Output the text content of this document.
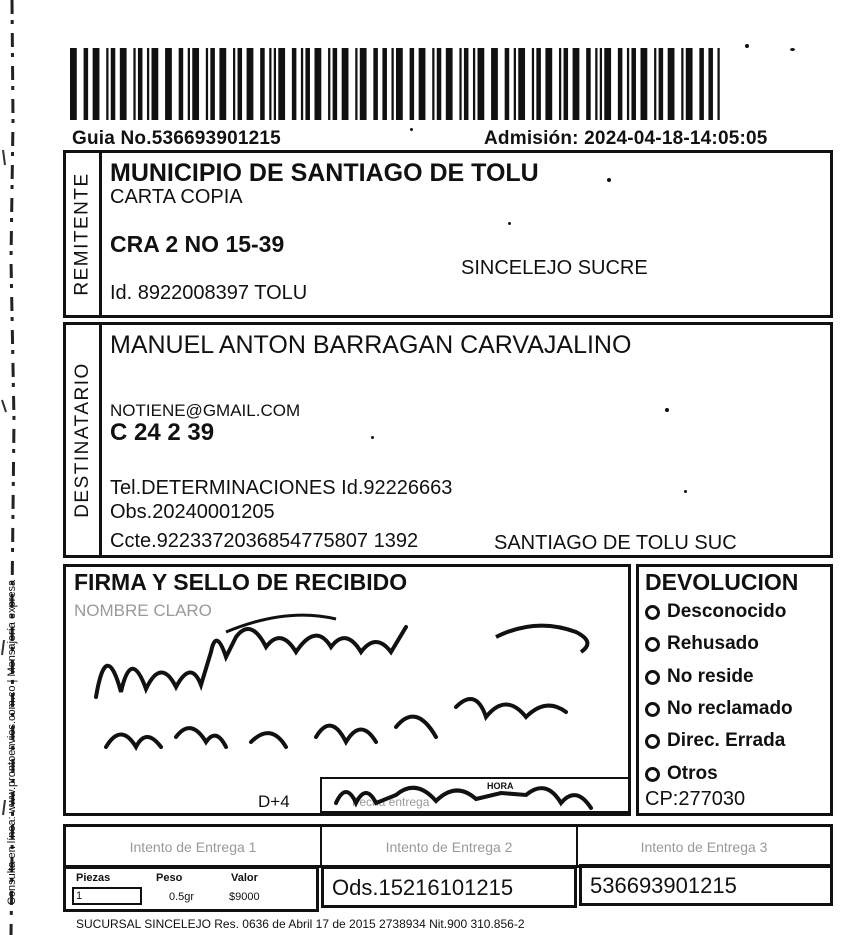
Consulta en línea: www.prontoenvios.com.co | Mensajería expresa
Guia No.536693901215	Admisión: 2024-04-18-14:05:05
REMITENTE MUNICIPIO DE SANTIAGO DE TOLU
CARTA COPIA
CRA 2 NO 15-39
SINCELEJO SUCRE
Id. 8922008397 TOLU
DESTINATARIO
MANUEL ANTON BARRAGAN CARVAJALINO
NOTIENE@GMAIL.COM
C 24 2 39
Tel.DETERMINACIONES Id.92226663
Obs.20240001205
Ccte.9223372036854775807 1392	SANTIAGO DE TOLU SUC
FIRMA Y SELLO DE RECIBIDO
NOMBRE CLARO
D+4	Fecha entrega
HORA
DEVOLUCION
Desconocido
Rehusado
No reside
No reclamado
Direc. Errada
Otros
CP:277030
Intento de Entrega 1	Intento de Entrega 2	Intento de Entrega 3
Piezas	Peso	Valor
1	0.5gr	$9000	Ods.15216101215	536693901215
SUCURSAL SINCELEJO Res. 0636 de Abril 17 de 2015 2738934 Nit.900 310.856-2
